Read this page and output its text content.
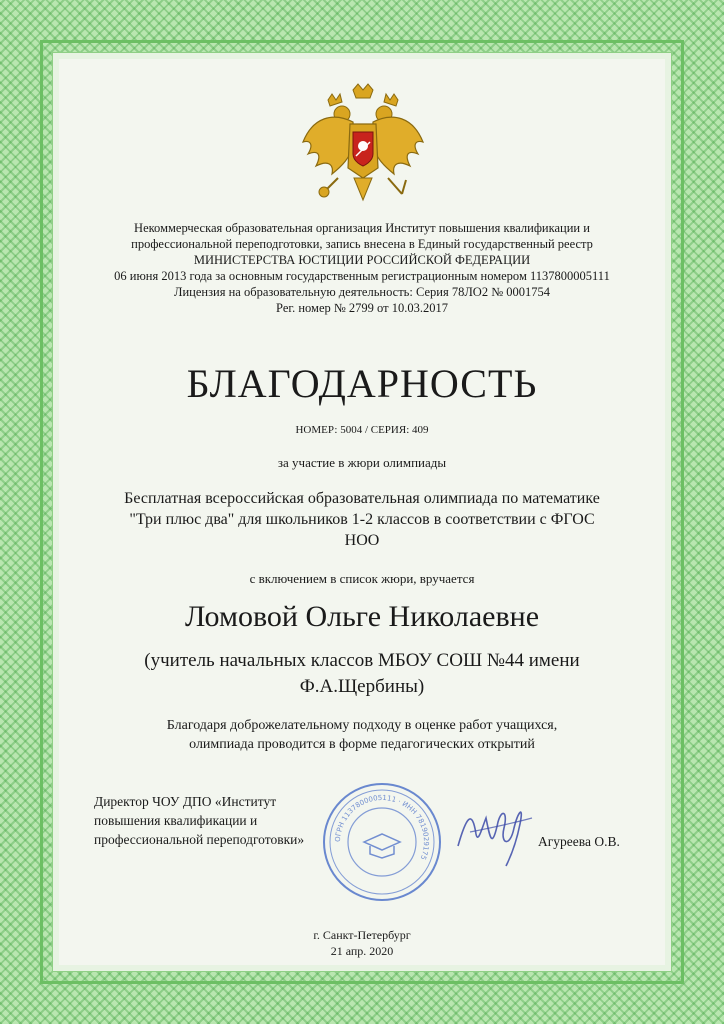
Некоммерческая образовательная организация Институт повышения квалификации и
профессиональной переподготовки, запись внесена в Единый государственный реестр
МИНИСТЕРСТВА ЮСТИЦИИ РОССИЙСКОЙ ФЕДЕРАЦИИ
06 июня 2013 года за основным государственным регистрационным номером 1137800005111
Лицензия на образовательную деятельность: Серия 78ЛО2 № 0001754
Рег. номер № 2799 от 10.03.2017
БЛАГОДАРНОСТЬ
НОМЕР: 5004 / СЕРИЯ: 409
за участие в жюри олимпиады
Бесплатная всероссийская образовательная олимпиада по математике
"Три плюс два" для школьников 1-2 классов в соответствии с ФГОС
НОО
с включением в список жюри, вручается
Ломовой Ольге Николаевне
(учитель начальных классов МБОУ СОШ №44 имени
Ф.А.Щербины)
Благодаря доброжелательному подходу в оценке работ учащихся,
олимпиада проводится в форме педагогических открытий
Директор ЧОУ ДПО «Институт
повышения квалификации и
профессиональной переподготовки»	ОГРН 1137800005111 · ИНН 7819029175
Агуреева О.В.
г. Санкт-Петербург
21 апр. 2020
